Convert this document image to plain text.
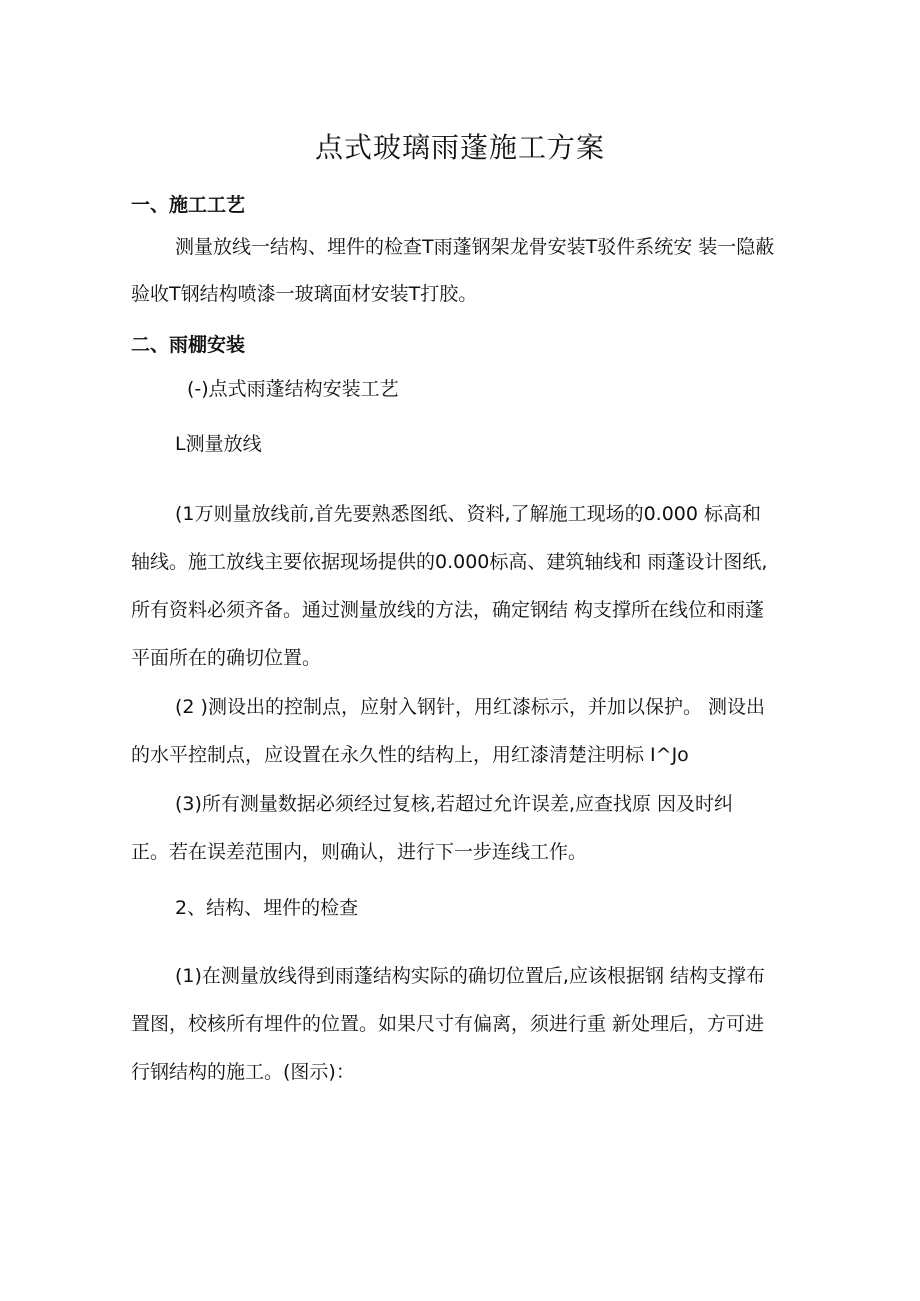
点式玻璃雨蓬施工方案
一、施工工艺
测量放线一结构、埋件的检查T雨蓬钢架龙骨安装T驳件系统安 装一隐蔽
验收T钢结构喷漆一玻璃面材安装T打胶。
二、雨棚安装
(-)点式雨蓬结构安装工艺
L测量放线
(1万则量放线前,首先要熟悉图纸、资料,了解施工现场的0.000 标高和
轴线。施工放线主要依据现场提供的0.000标高、建筑轴线和 雨蓬设计图纸,
所有资料必须齐备。通过测量放线的方法，确定钢结 构支撑所在线位和雨蓬
平面所在的确切位置。
(2 )测设出的控制点，应射入钢针，用红漆标示，并加以保护。 测设出
的水平控制点，应设置在永久性的结构上，用红漆清楚注明标 I^Jo
(3)所有测量数据必须经过复核,若超过允许误差,应查找原 因及时纠
正。若在误差范围内，则确认，进行下一步连线工作。
2、结构、埋件的检查
(1)在测量放线得到雨蓬结构实际的确切位置后,应该根据钢 结构支撑布
置图，校核所有埋件的位置。如果尺寸有偏离，须进行重 新处理后，方可进
行钢结构的施工。(图示)：
